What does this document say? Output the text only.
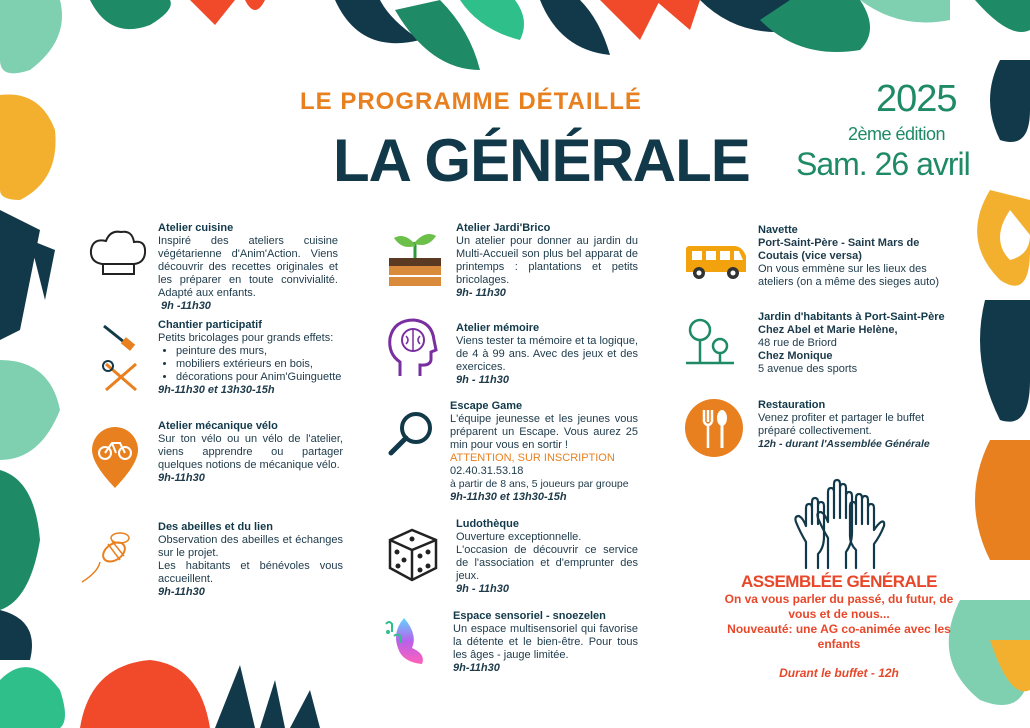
LE PROGRAMME DÉTAILLÉ
LA GÉNÉRALE
2025
2ème édition
Sam. 26 avril
Atelier cuisine

Inspiré des ateliers cuisine végétarienne d'Anim'Action. Viens découvrir des recettes originales et les préparer en toute convivialité. Adapté aux enfants.

9h -11h30
Chantier participatif

Petits bricolages pour grands effets:

• peinture des murs,
• mobiliers extérieurs en bois,
• décorations pour Anim'Guinguette
9h-11h30 et 13h30-15h
Atelier mécanique vélo

Sur ton vélo ou un vélo de l'atelier, viens apprendre ou partager quelques notions de mécanique vélo.

9h-11h30
Des abeilles et du lien

Observation des abeilles et échanges sur le projet.

Les habitants et bénévoles vous accueillent.

9h-11h30
Atelier Jardi'Brico

Un atelier pour donner au jardin du Multi-Accueil son plus bel apparat de printemps : plantations et petits bricolages.

9h- 11h30
Atelier mémoire

Viens tester ta mémoire et ta logique, de 4 à 99 ans. Avec des jeux et des exercices.

9h - 11h30
Escape Game

L'équipe jeunesse et les jeunes vous préparent un Escape. Vous aurez 25 min pour vous en sortir !

ATTENTION, SUR INSCRIPTION
02.40.31.53.18
à partir de 8 ans, 5 joueurs par groupe
9h-11h30 et 13h30-15h
Ludothèque

Ouverture exceptionnelle.

L'occasion de découvrir ce service de l'association et d'emprunter des jeux.

9h - 11h30
Espace sensoriel - snoezelen

Un espace multisensoriel qui favorise la détente et le bien-être. Pour tous les âges - jauge limitée.

9h-11h30
Navette
Port-Saint-Père - Saint Mars de Coutais (vice versa)
On vous emmène sur les lieux des ateliers (on a même des sieges auto)
Jardin d'habitants à Port-Saint-Père
Chez Abel et Marie Helène,
48 rue de Briord
Chez Monique
5 avenue des sports
Restauration
Venez profiter et partager le buffet préparé collectivement.
12h - durant l'Assemblée Générale
ASSEMBLÉE GÉNÉRALE
On va vous parler du passé, du futur, de vous et de nous...
Nouveauté: une AG co-animée avec les enfants
Durant le buffet - 12h
